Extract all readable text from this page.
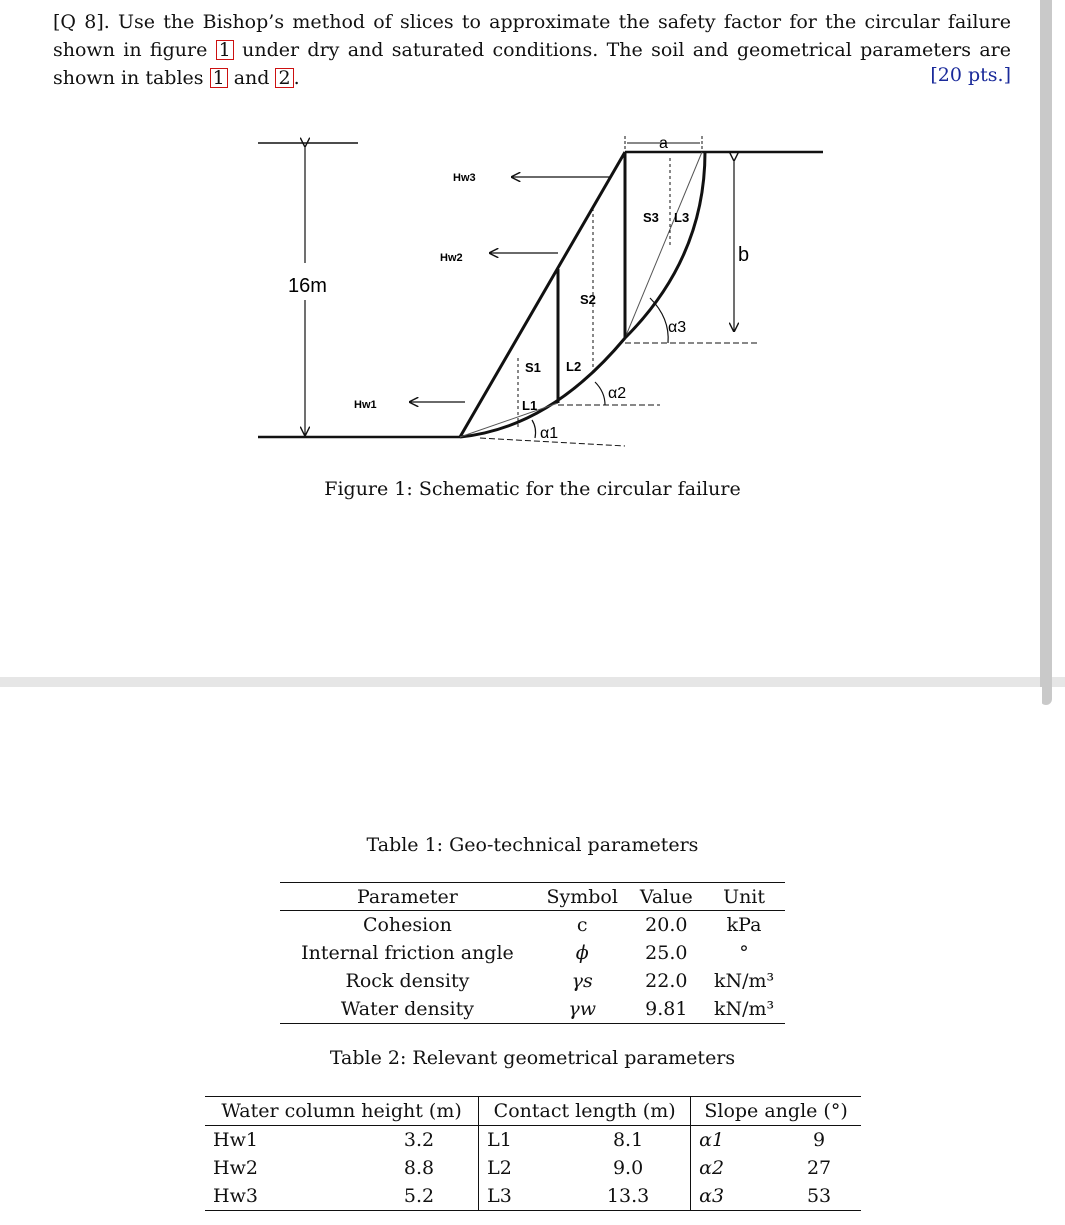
[Q 8]. Use the Bishop’s method of slices to approximate the safety factor for the circular failure shown in figure 1 under dry and saturated conditions. The soil and geometrical parameters are shown in tables 1 and 2 .	[20 pts.]
16m
Hw1
Hw2
Hw3
S1
S2
S3
L1
L2
L3
α1
α2
α3
a
b
Figure 1: Schematic for the circular failure
Table 1: Geo-technical parameters
Parameter	Symbol	Value	Unit
Cohesion	c	20.0	kPa
Internal friction angle	ϕ	25.0	°
Rock density	γs	22.0	kN/m³
Water density	γw	9.81	kN/m³
Table 2: Relevant geometrical parameters
Water column height (m)		Contact length (m)		Slope angle (°)	
Hw1	3.2	L1	8.1	α1	9
Hw2	8.8	L2	9.0	α2	27
Hw3	5.2	L3	13.3	α3	53
